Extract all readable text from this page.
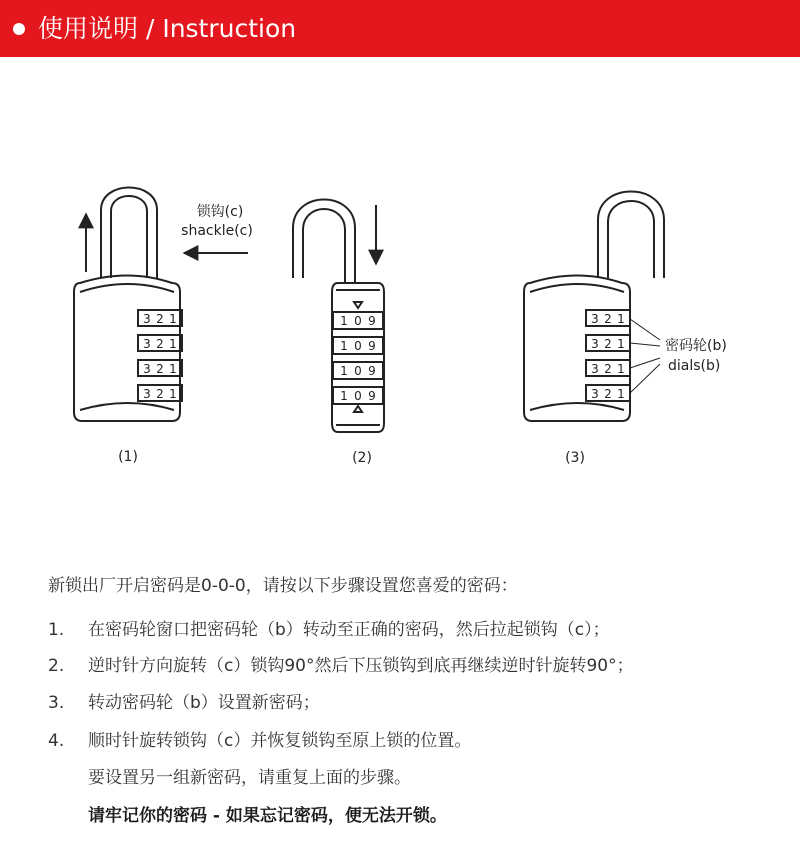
使用说明 / Instruction
3 2 1
3 2 1
3 2 1
3 2 1
锁钩(c)
shackle(c)
(1)
1 0 9
1 0 9
1 0 9
1 0 9
(2)
3 2 1
3 2 1
3 2 1
3 2 1
密码轮(b)
dials(b)
(3)
新锁出厂开启密码是0-0-0，请按以下步骤设置您喜爱的密码：
1. 在密码轮窗口把密码轮（b）转动至正确的密码，然后拉起锁钩（c）；
2. 逆时针方向旋转（c）锁钩90°然后下压锁钩到底再继续逆时针旋转90°；
3. 转动密码轮（b）设置新密码；
4. 顺时针旋转锁钩（c）并恢复锁钩至原上锁的位置。
要设置另一组新密码，请重复上面的步骤。
请牢记你的密码 - 如果忘记密码，便无法开锁。
